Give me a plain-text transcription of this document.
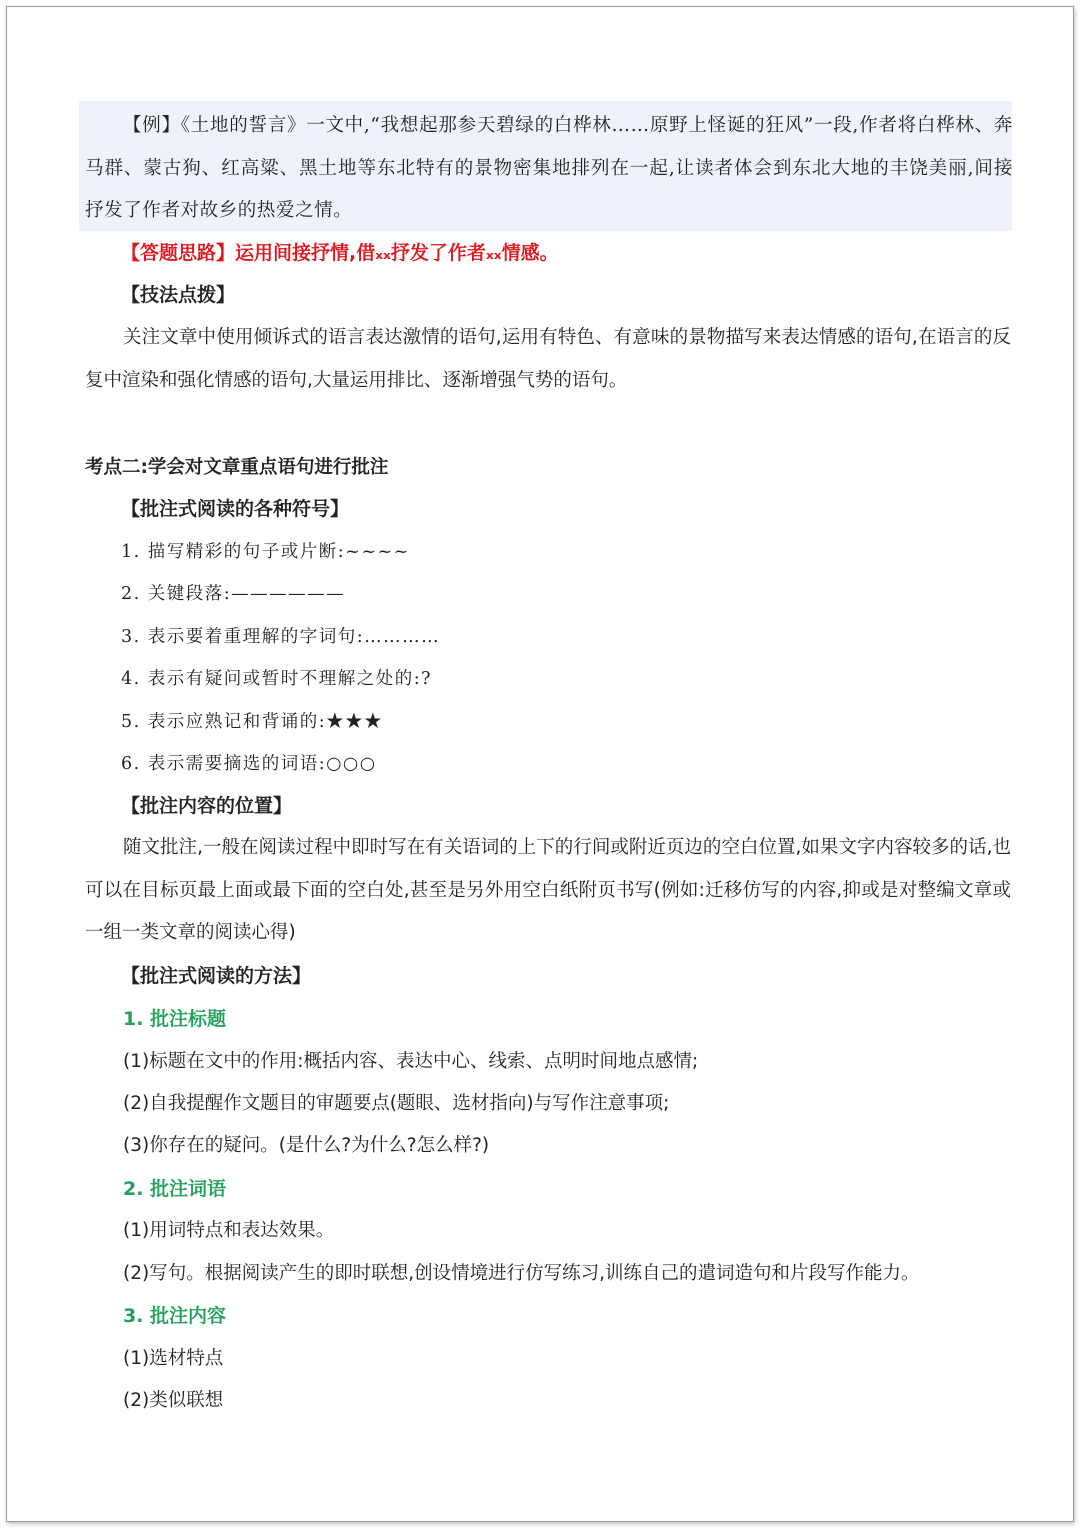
【例】《土地的誓言》一文中,“我想起那参天碧绿的白桦林……原野上怪诞的狂风”一段,作者将白桦林、奔马群、蒙古狗、红高粱、黑土地等东北特有的景物密集地排列在一起,让读者体会到东北大地的丰饶美丽,间接抒发了作者对故乡的热爱之情。

【答题思路】运用间接抒情,借ₓₓ抒发了作者ₓₓ情感。
【技法点拨】

关注文章中使用倾诉式的语言表达激情的语句,运用有特色、有意味的景物描写来表达情感的语句,在语言的反复中渲染和强化情感的语句,大量运用排比、逐渐增强气势的语句。

考点二:学会对文章重点语句进行批注
【批注式阅读的各种符号】
1. 描写精彩的句子或片断:~~~~
2. 关键段落:——————
3. 表示要着重理解的字词句:…………
4. 表示有疑问或暂时不理解之处的:?
5. 表示应熟记和背诵的:★★★
6. 表示需要摘选的词语:○○○
【批注内容的位置】

随文批注,一般在阅读过程中即时写在有关语词的上下的行间或附近页边的空白位置,如果文字内容较多的话,也可以在目标页最上面或最下面的空白处,甚至是另外用空白纸附页书写(例如:迁移仿写的内容,抑或是对整编文章或一组一类文章的阅读心得)

【批注式阅读的方法】
1. 批注标题
(1)标题在文中的作用:概括内容、表达中心、线索、点明时间地点感情;
(2)自我提醒作文题目的审题要点(题眼、选材指向)与写作注意事项;
(3)你存在的疑问。(是什么?为什么?怎么样?)
2. 批注词语
(1)用词特点和表达效果。
(2)写句。根据阅读产生的即时联想,创设情境进行仿写练习,训练自己的遣词造句和片段写作能力。
3. 批注内容
(1)选材特点
(2)类似联想
